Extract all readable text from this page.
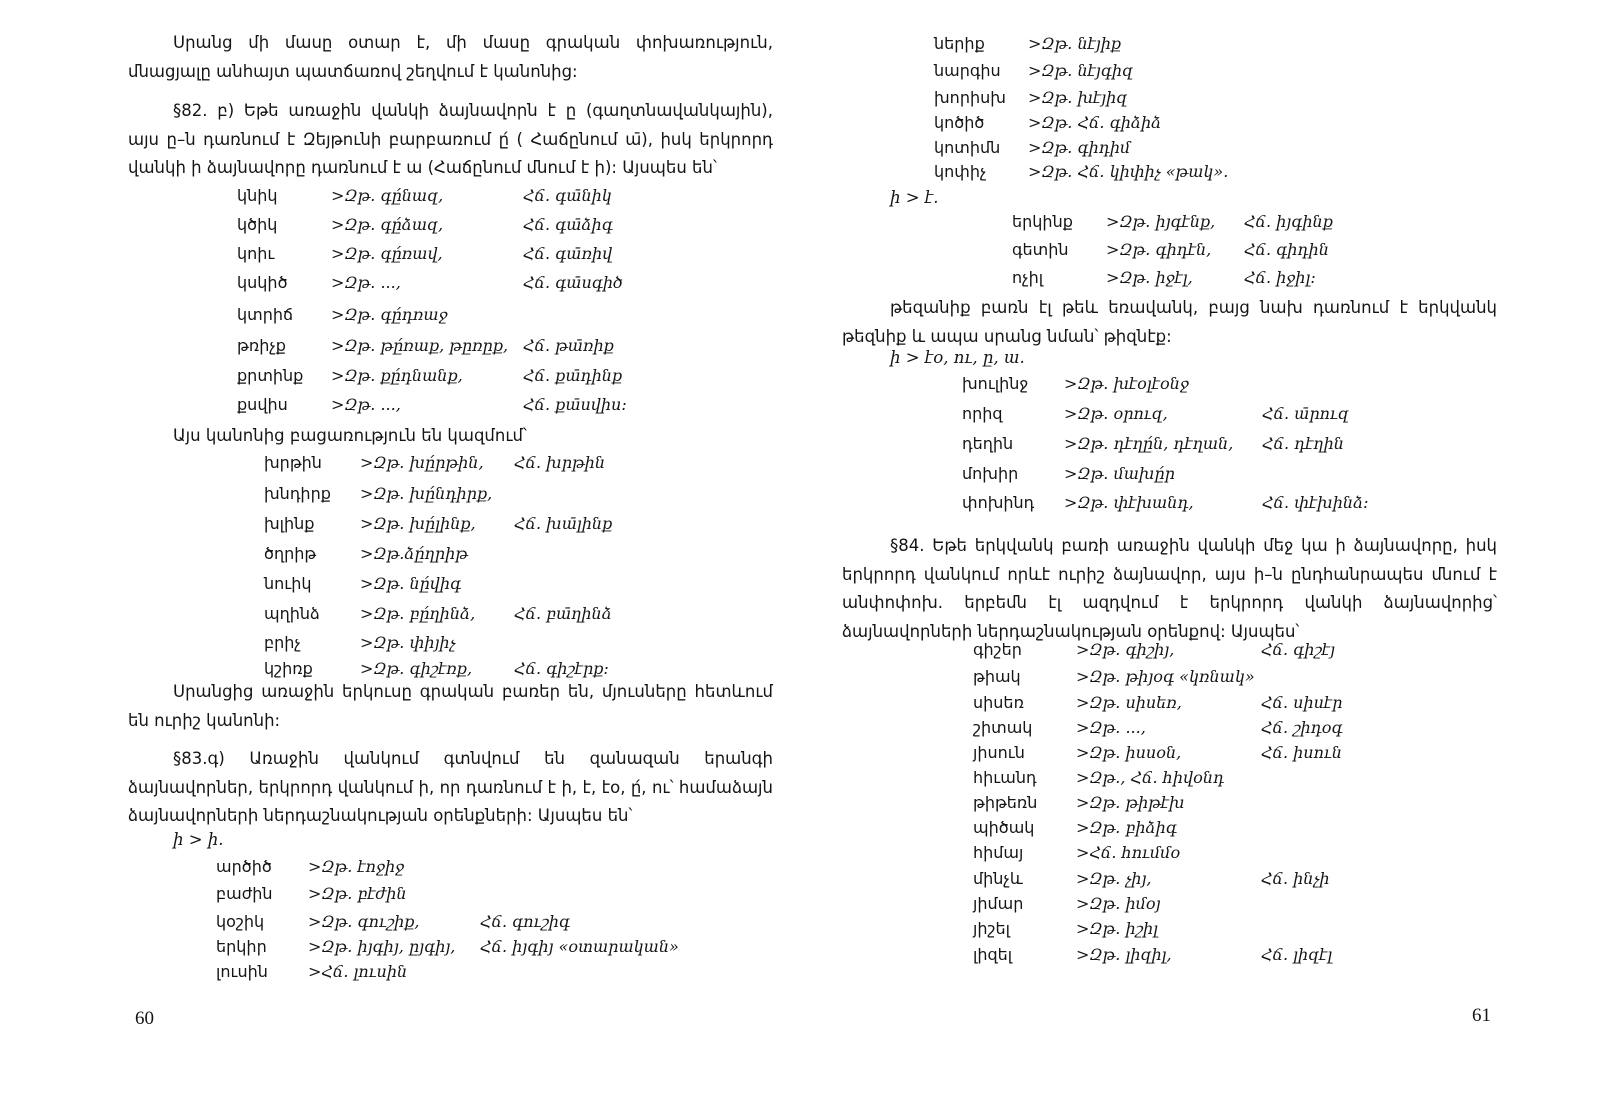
Սրանց մի մասը օտար է, մի մասը գրական փոխառություն, մնացյալը անհայտ պատճառով շեղվում է կանոնից:
§82. բ) Եթե առաջին վանկի ձայնավորն է ը (գաղտնավանկային), այս ը–ն դառնում է Զեյթունի բարբառում ը́ ( Հաճընում ա̄), իսկ երկրորդ վանկի ի ձայնավորը դառնում է ա (Հաճընում մնում է ի): Այսպես են՝
կնիկ	>Զթ. գը́նազ,	Հճ. գա̄նիկ
կծիկ	>Զթ. գը́ձազ,	Հճ. գա̄ձիգ
կոիւ	>Զթ. գը́ռավ,	Հճ. գա̄ռիվ
կսկիծ	>Զթ. ...,	Հճ. գա̄սգիծ
կտրիճ >Զթ. գը́դռաջ
թռիչք	>Զթ. թը́ռաք, թըռըք, Հճ. թա̄ռիք
քրտինք >Զթ. քը́դնանք,	Հճ. քա̄դինք
քսվիս	>Զթ. ...,	Հճ. քա̄սվիս:
Այս կանոնից բացառություն են կազմում՝
խրթին >Զթ. խը́րթին, Հճ. խրթին
խնդիրք >Զթ. խը́նդիրք,
խլինք	>Զթ. խը́լինք, Հճ. խա̄լինք
ծղրիթ	>Զթ.ձը́ղրիթ
նուիկ	>Զթ. նը́վիգ
պղինձ	>Զթ. բը́ղինձ, Հճ. բա̄ղինձ
բրիչ	>Զթ. փիյիչ
կշիռք	>Զթ. գիշէռք,	Հճ. գիշէրք:
Սրանցից առաջին երկուսը գրական բառեր են, մյուսները հետևում են ուրիշ կանոնի:
§83.գ) Առաջին վանկում գտնվում են զանազան երանգի ձայնավորներ, երկրորդ վանկում ի, որ դառնում է ի, է, էօ, ը́, ու՝ համաձայն ձայնավորների ներդաշնակության օրենքների: Այսպես են՝
ի > ի.
արծիծ >Զթ. էոջիջ
բաժին >Զթ. բէժին
կօշիկ	>Զթ. գուշիք,	Հճ. գուշիգ
երկիր	>Զթ. իյգիյ, ըյգիյ, Հճ. իյգիյ «օտարական»
լուսին	>Հճ. լուսին
60
ներիք	>Զթ. նէյիք
նարգիս >Զթ. նէյգիզ
խորիսխ >Զթ. խէյիզ
կոծիծ	>Զթ. Հճ. գիձիձ
կոտիմն >Զթ. գիդիմ
կոփիչ	>Զթ. Հճ. կիփիչ «թակ».
ի > է.
երկինք >Զթ. իյգէնք, Հճ. իյգինք
գետին >Զթ. գիդէն, Հճ. գիդին
ոչիլ	>Զթ. իջէլ,	Հճ. իջիլ:
թեզանիք բառն էլ թեև եռավանկ, բայց նախ դառնում է երկվանկ թեզնիք և ապա սրանց նման՝ թիզնէք:
ի > էօ, ու, ը, ա.
խուլինջ >Զթ. խէօլէօնջ
որիզ	>Զթ. օրուզ,	Հճ. ա̄րուզ
դեղին	>Զթ. դէղը́ն, դէղան, Հճ. դէղին
մոխիր	>Զթ. մախը́ր
փոխինդ >Զթ. փէխանդ,	Հճ. փէխինձ:
§84. Եթե երկվանկ բառի առաջին վանկի մեջ կա ի ձայնավորը, իսկ երկրորդ վանկում որևէ ուրիշ ձայնավոր, այս ի–ն ընդհանրապես մնում է անփոփոխ. երբեմն էլ ազդվում է երկրորդ վանկի ձայնավորից՝ ձայնավորների ներդաշնակության օրենքով: Այսպես՝
գիշեր	>Զթ. գիշիյ,	Հճ. գիշէյ
թիակ	>Զթ. թիյօգ «կռնակ»
սիսեռ	>Զթ. սիսեռ,	Հճ. սիսէր
շիտակ	>Զթ. ...,	Հճ. շիդօգ
յիսուն	>Զթ. իսսօն,	Հճ. իսուն
հիւանդ >Զթ., Հճ. հիվօնդ
թիթեռն >Զթ. թիթէխ
պիծակ	>Զթ. բիձիգ
հիմայ	>Հճ. հումմօ
մինչև	>Զթ. չիյ,	Հճ. ինչի
յիմար	>Զթ. իմօյ
յիշել	>Զթ. իշիլ
լիզել	>Զթ. լիզիլ,	Հճ. լիզէլ
61
